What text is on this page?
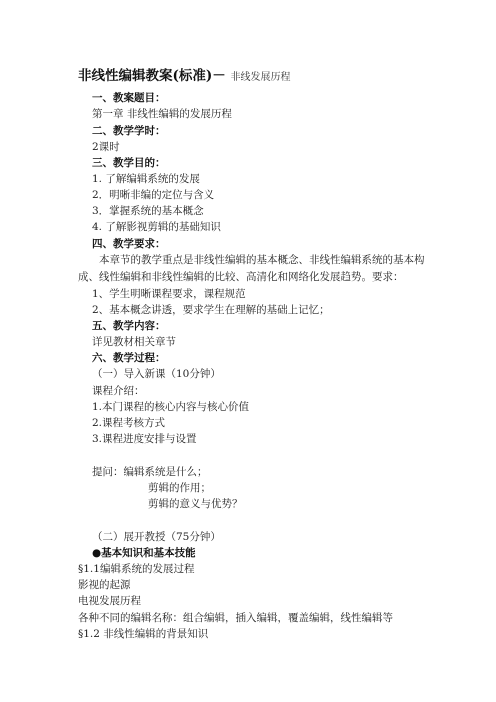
非线性编辑教案(标准)－ 非线发展历程
一、教案题目：
第一章 非线性编辑的发展历程
二、教学学时：
2课时
三、教学目的：
1. 了解编辑系统的发展
2．明晰非编的定位与含义
3．掌握系统的基本概念
4. 了解影视剪辑的基础知识
四、教学要求：
本章节的教学重点是非线性编辑的基本概念、非线性编辑系统的基本构成、线性编辑和非线性编辑的比较、高清化和网络化发展趋势。要求：
1、学生明晰课程要求，课程规范
2、基本概念讲透，要求学生在理解的基础上记忆；
五、教学内容：
详见教材相关章节
六、教学过程：
（一）导入新课（10分钟）
课程介绍：
1.本门课程的核心内容与核心价值
2.课程考核方式
3.课程进度安排与设置
提问：编辑系统是什么；
剪辑的作用；
剪辑的意义与优势？
（二）展开教授（75分钟）
●基本知识和基本技能
§1.1编辑系统的发展过程
影视的起源
电视发展历程
各种不同的编辑名称：组合编辑，插入编辑，覆盖编辑，线性编辑等
§1.2 非线性编辑的背景知识
